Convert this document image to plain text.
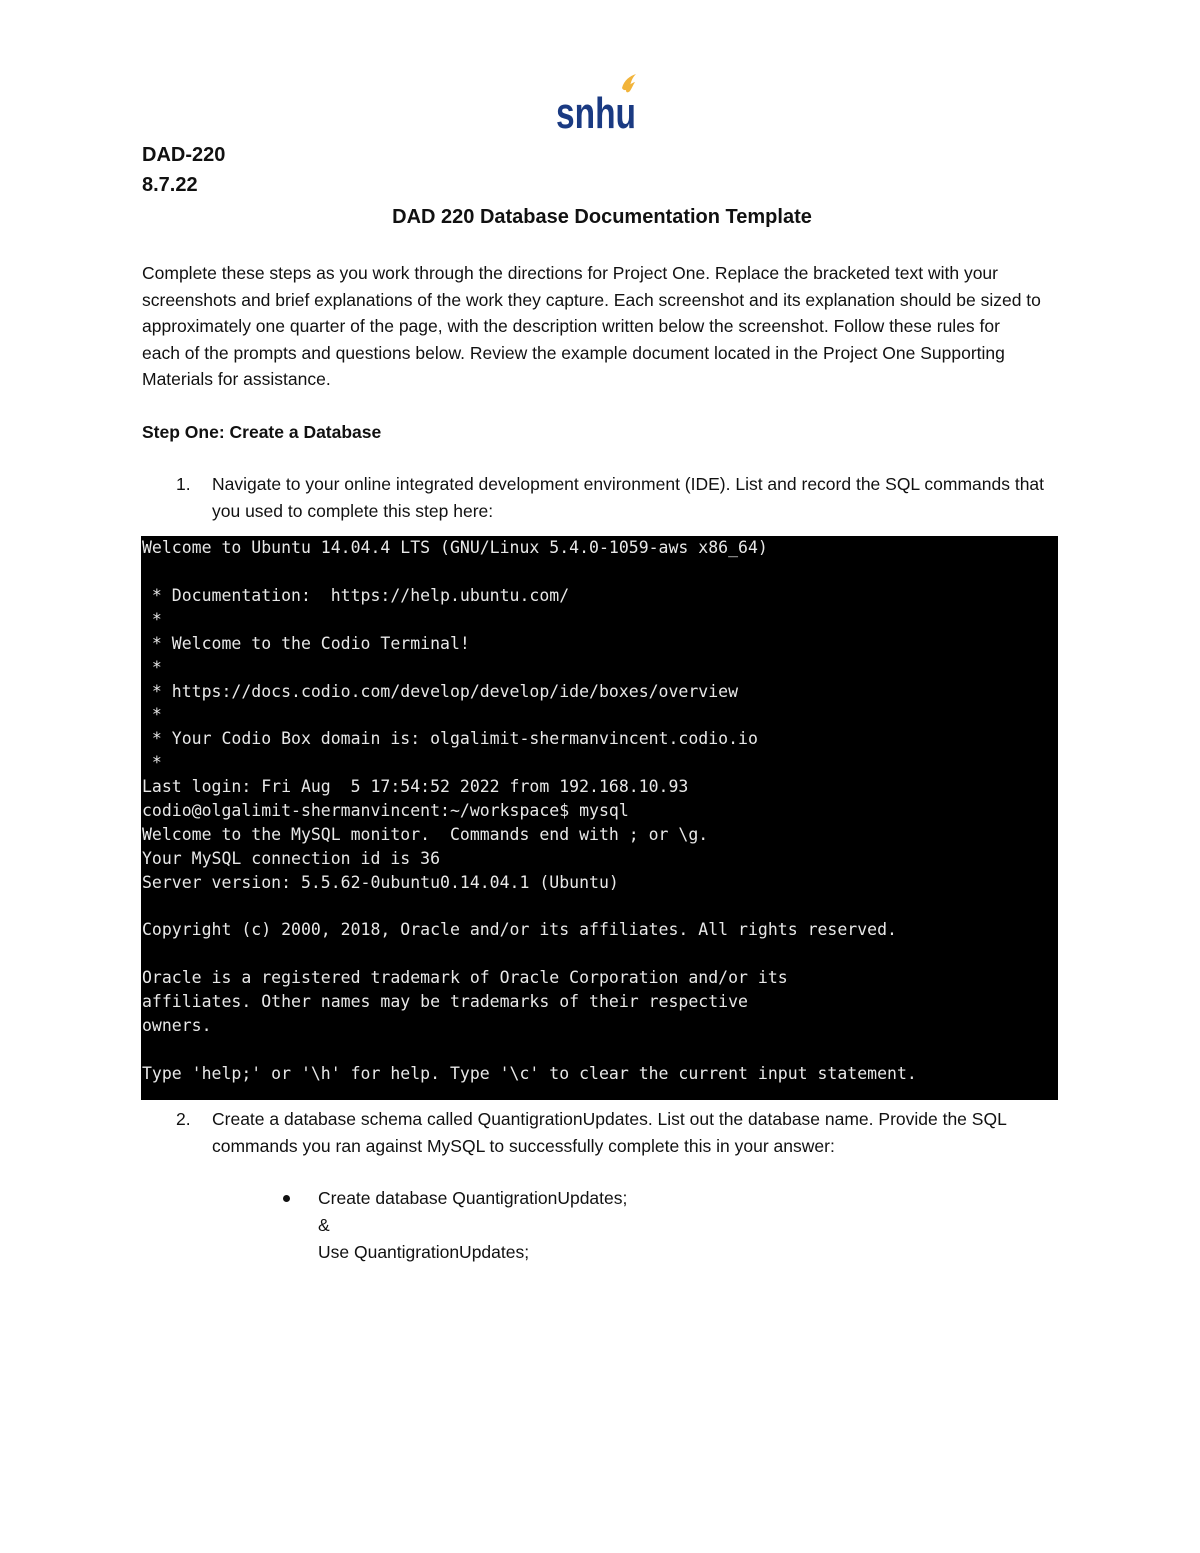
snhu

DAD-220

8.7.22

DAD 220 Database Documentation Template

Complete these steps as you work through the directions for Project One. Replace the bracketed text with your screenshots and brief explanations of the work they capture. Each screenshot and its explanation should be sized to approximately one quarter of the page, with the description written below the screenshot. Follow these rules for each of the prompts and questions below. Review the example document located in the Project One Supporting Materials for assistance.

Step One: Create a Database

1. Navigate to your online integrated development environment (IDE). List and record the SQL commands that you used to complete this step here:
Welcome to Ubuntu 14.04.4 LTS (GNU/Linux 5.4.0-1059-aws x86_64)
* Documentation:  https://help.ubuntu.com/
*
* Welcome to the Codio Terminal!
*
* https://docs.codio.com/develop/develop/ide/boxes/overview
*
* Your Codio Box domain is: olgalimit-shermanvincent.codio.io
*
Last login: Fri Aug  5 17:54:52 2022 from 192.168.10.93
codio@olgalimit-shermanvincent:~/workspace$ mysql
Welcome to the MySQL monitor.  Commands end with ; or \g.
Your MySQL connection id is 36
Server version: 5.5.62-0ubuntu0.14.04.1 (Ubuntu)
Copyright (c) 2000, 2018, Oracle and/or its affiliates. All rights reserved.
Oracle is a registered trademark of Oracle Corporation and/or its
affiliates. Other names may be trademarks of their respective
owners.
Type 'help;' or '\h' for help. Type '\c' to clear the current input statement.
2. Create a database schema called QuantigrationUpdates. List out the database name. Provide the SQL commands you ran against MySQL to successfully complete this in your answer:
Create database QuantigrationUpdates;
&
Use QuantigrationUpdates;
